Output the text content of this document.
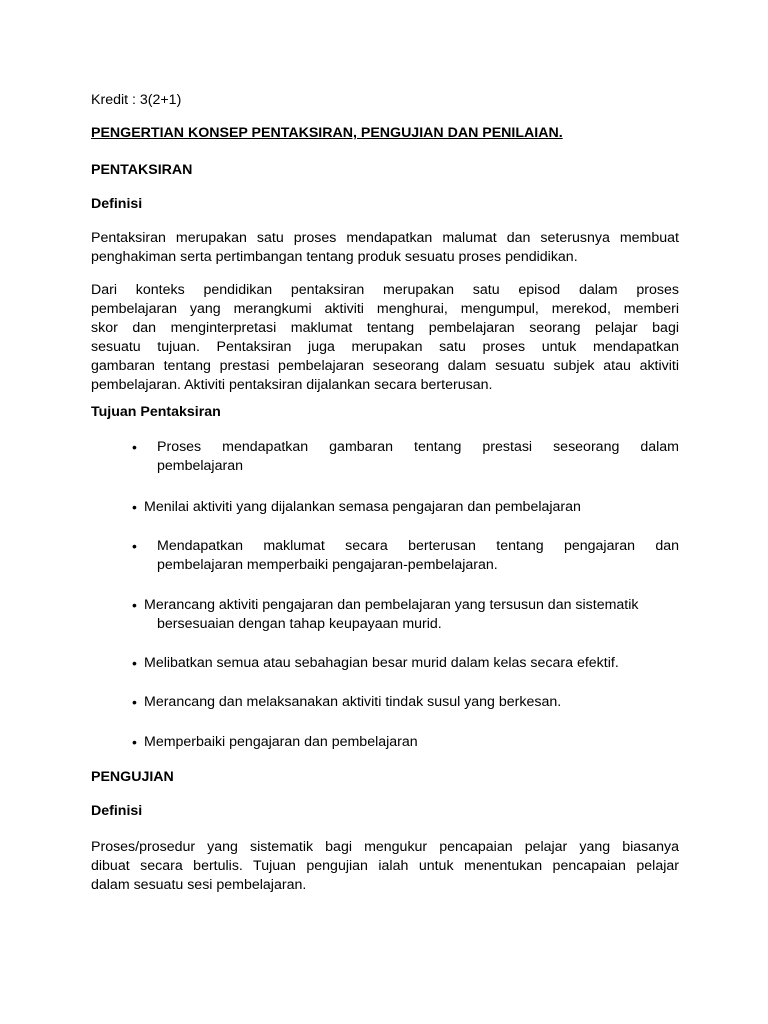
Kredit : 3(2+1)
PENGERTIAN KONSEP PENTAKSIRAN, PENGUJIAN DAN PENILAIAN.
PENTAKSIRAN
Definisi
Pentaksiran merupakan satu proses mendapatkan malumat dan seterusnya membuat
penghakiman serta pertimbangan tentang produk sesuatu proses pendidikan.
Dari konteks pendidikan pentaksiran merupakan satu episod dalam proses
pembelajaran yang merangkumi aktiviti menghurai, mengumpul, merekod, memberi
skor dan menginterpretasi maklumat tentang pembelajaran seorang pelajar bagi
sesuatu tujuan. Pentaksiran juga merupakan satu proses untuk mendapatkan
gambaran tentang prestasi pembelajaran seseorang dalam sesuatu subjek atau aktiviti
pembelajaran. Aktiviti pentaksiran dijalankan secara berterusan.
Tujuan Pentaksiran
• Proses mendapatkan gambaran tentang prestasi seseorang dalam
pembelajaran
• Menilai aktiviti yang dijalankan semasa pengajaran dan pembelajaran
• Mendapatkan maklumat secara berterusan tentang pengajaran dan
pembelajaran memperbaiki pengajaran-pembelajaran.
• Merancang aktiviti pengajaran dan pembelajaran yang tersusun dan sistematik
bersesuaian dengan tahap keupayaan murid.
• Melibatkan semua atau sebahagian besar murid dalam kelas secara efektif.
• Merancang dan melaksanakan aktiviti tindak susul yang berkesan.
• Memperbaiki pengajaran dan pembelajaran
PENGUJIAN
Definisi
Proses/prosedur yang sistematik bagi mengukur pencapaian pelajar yang biasanya
dibuat secara bertulis. Tujuan pengujian ialah untuk menentukan pencapaian pelajar
dalam sesuatu sesi pembelajaran.
